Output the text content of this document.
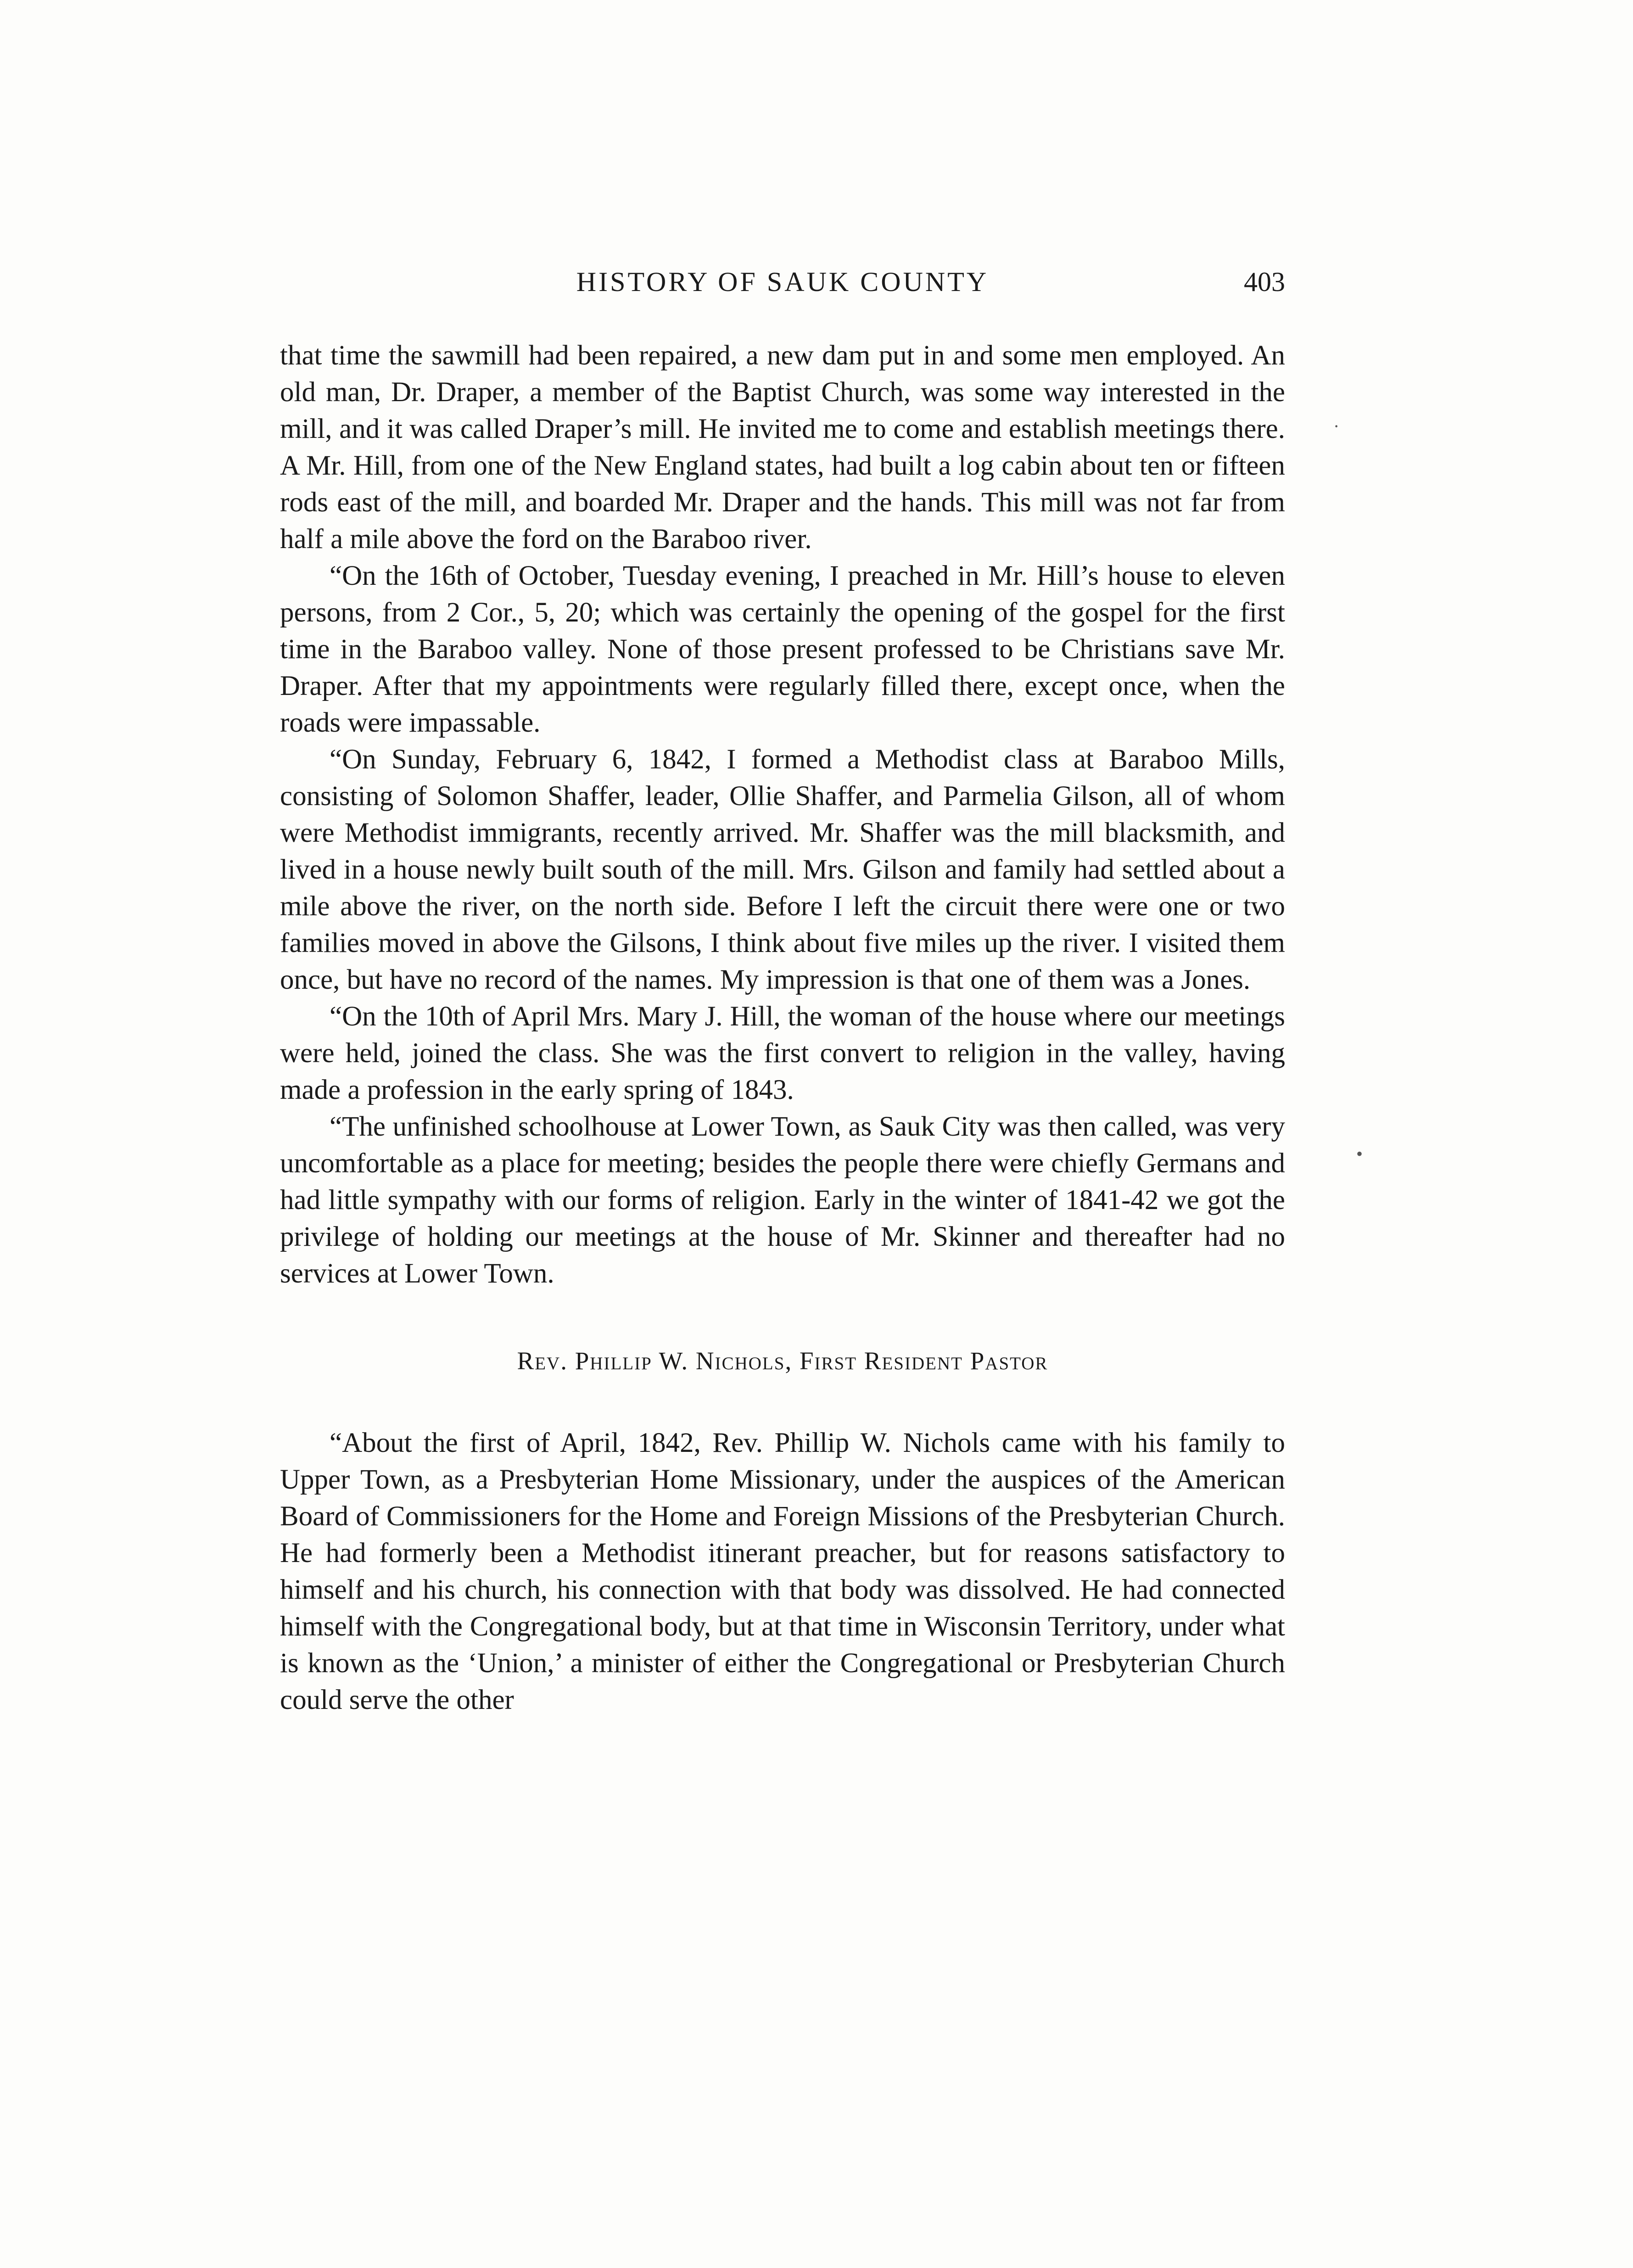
HISTORY OF SAUK COUNTY	403

that time the sawmill had been repaired, a new dam put in and some men employed. An old man, Dr. Draper, a member of the Baptist Church, was some way interested in the mill, and it was called Draper’s mill. He invited me to come and establish meetings there. A Mr. Hill, from one of the New England states, had built a log cabin about ten or fifteen rods east of the mill, and boarded Mr. Draper and the hands. This mill was not far from half a mile above the ford on the Baraboo river.

“On the 16th of October, Tuesday evening, I preached in Mr. Hill’s house to eleven persons, from 2 Cor., 5, 20; which was certainly the opening of the gospel for the first time in the Baraboo valley. None of those present professed to be Christians save Mr. Draper. After that my appointments were regularly filled there, except once, when the roads were impassable.

“On Sunday, February 6, 1842, I formed a Methodist class at Baraboo Mills, consisting of Solomon Shaffer, leader, Ollie Shaffer, and Parmelia Gilson, all of whom were Methodist immigrants, recently arrived. Mr. Shaffer was the mill blacksmith, and lived in a house newly built south of the mill. Mrs. Gilson and family had settled about a mile above the river, on the north side. Before I left the circuit there were one or two families moved in above the Gilsons, I think about five miles up the river. I visited them once, but have no record of the names. My impression is that one of them was a Jones.

“On the 10th of April Mrs. Mary J. Hill, the woman of the house where our meetings were held, joined the class. She was the first convert to religion in the valley, having made a profession in the early spring of 1843.

“The unfinished schoolhouse at Lower Town, as Sauk City was then called, was very uncomfortable as a place for meeting; besides the people there were chiefly Germans and had little sympathy with our forms of religion. Early in the winter of 1841-42 we got the privilege of holding our meetings at the house of Mr. Skinner and thereafter had no services at Lower Town.

Rev. Phillip W. Nichols, First Resident Pastor

“About the first of April, 1842, Rev. Phillip W. Nichols came with his family to Upper Town, as a Presbyterian Home Missionary, under the auspices of the American Board of Commissioners for the Home and Foreign Missions of the Presbyterian Church. He had formerly been a Methodist itinerant preacher, but for reasons satisfactory to himself and his church, his connection with that body was dissolved. He had connected himself with the Congregational body, but at that time in Wisconsin Territory, under what is known as the ‘Union,’ a minister of either the Congregational or Presbyterian Church could serve the other

·
•
